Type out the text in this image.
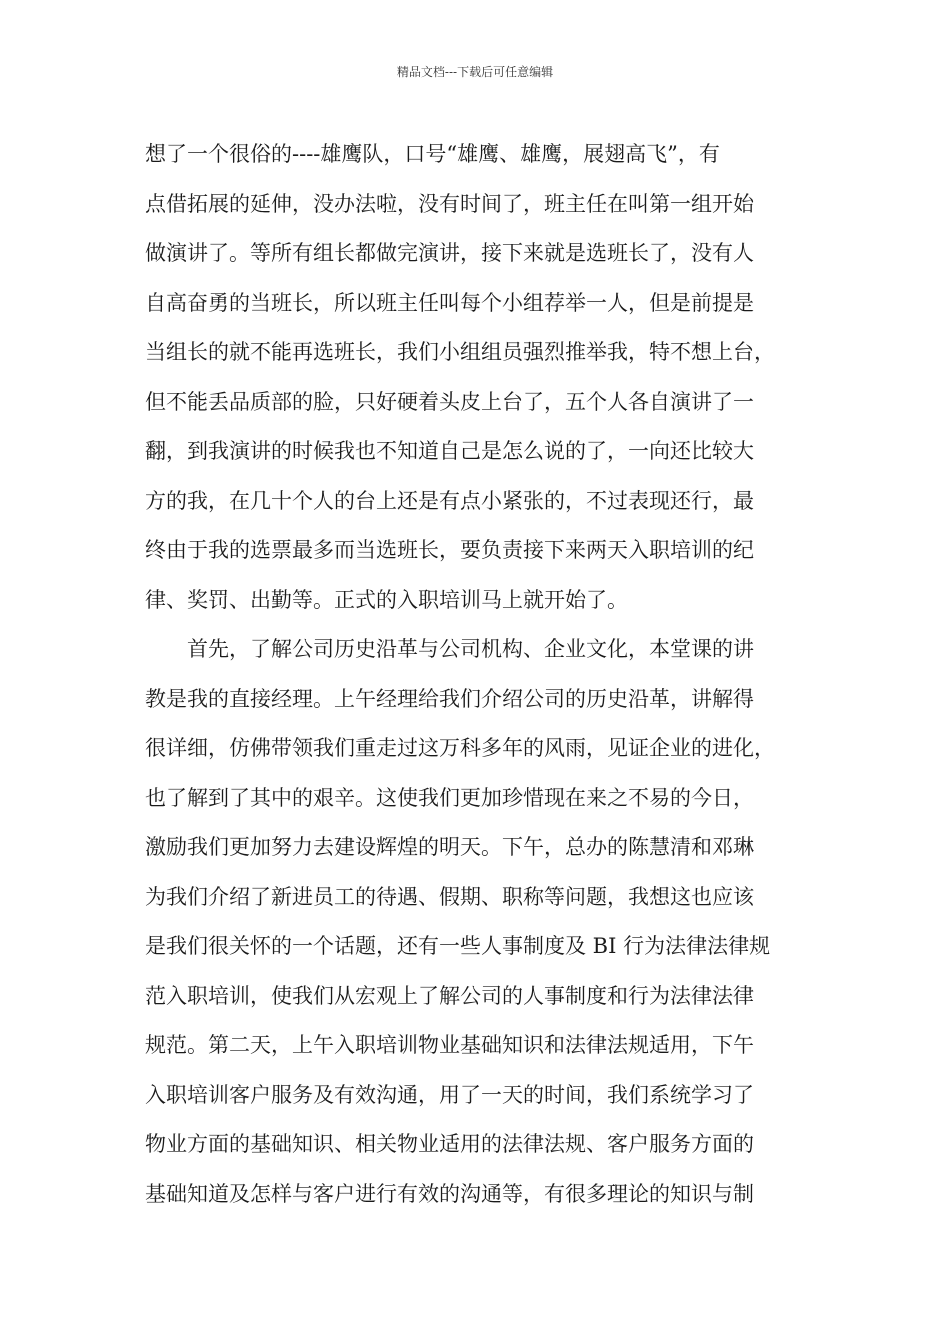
精品文档---下载后可任意编辑
想了一个很俗的----雄鹰队，口号“雄鹰、雄鹰，展翅高飞”，有
点借拓展的延伸，没办法啦，没有时间了，班主任在叫第一组开始
做演讲了。等所有组长都做完演讲，接下来就是选班长了，没有人
自高奋勇的当班长，所以班主任叫每个小组荐举一人，但是前提是
当组长的就不能再选班长，我们小组组员强烈推举我，特不想上台，
但不能丢品质部的脸，只好硬着头皮上台了，五个人各自演讲了一
翻，到我演讲的时候我也不知道自己是怎么说的了，一向还比较大
方的我，在几十个人的台上还是有点小紧张的，不过表现还行，最
终由于我的选票最多而当选班长，要负责接下来两天入职培训的纪
律、奖罚、出勤等。正式的入职培训马上就开始了。
首先，了解公司历史沿革与公司机构、企业文化，本堂课的讲
教是我的直接经理。上午经理给我们介绍公司的历史沿革，讲解得
很详细，仿佛带领我们重走过这万科多年的风雨，见证企业的进化，
也了解到了其中的艰辛。这使我们更加珍惜现在来之不易的今日，
激励我们更加努力去建设辉煌的明天。下午，总办的陈慧清和邓琳
为我们介绍了新进员工的待遇、假期、职称等问题，我想这也应该
是我们很关怀的一个话题，还有一些人事制度及 BI 行为法律法律规
范入职培训，使我们从宏观上了解公司的人事制度和行为法律法律
规范。第二天，上午入职培训物业基础知识和法律法规适用，下午
入职培训客户服务及有效沟通，用了一天的时间，我们系统学习了
物业方面的基础知识、相关物业适用的法律法规、客户服务方面的
基础知道及怎样与客户进行有效的沟通等，有很多理论的知识与制
